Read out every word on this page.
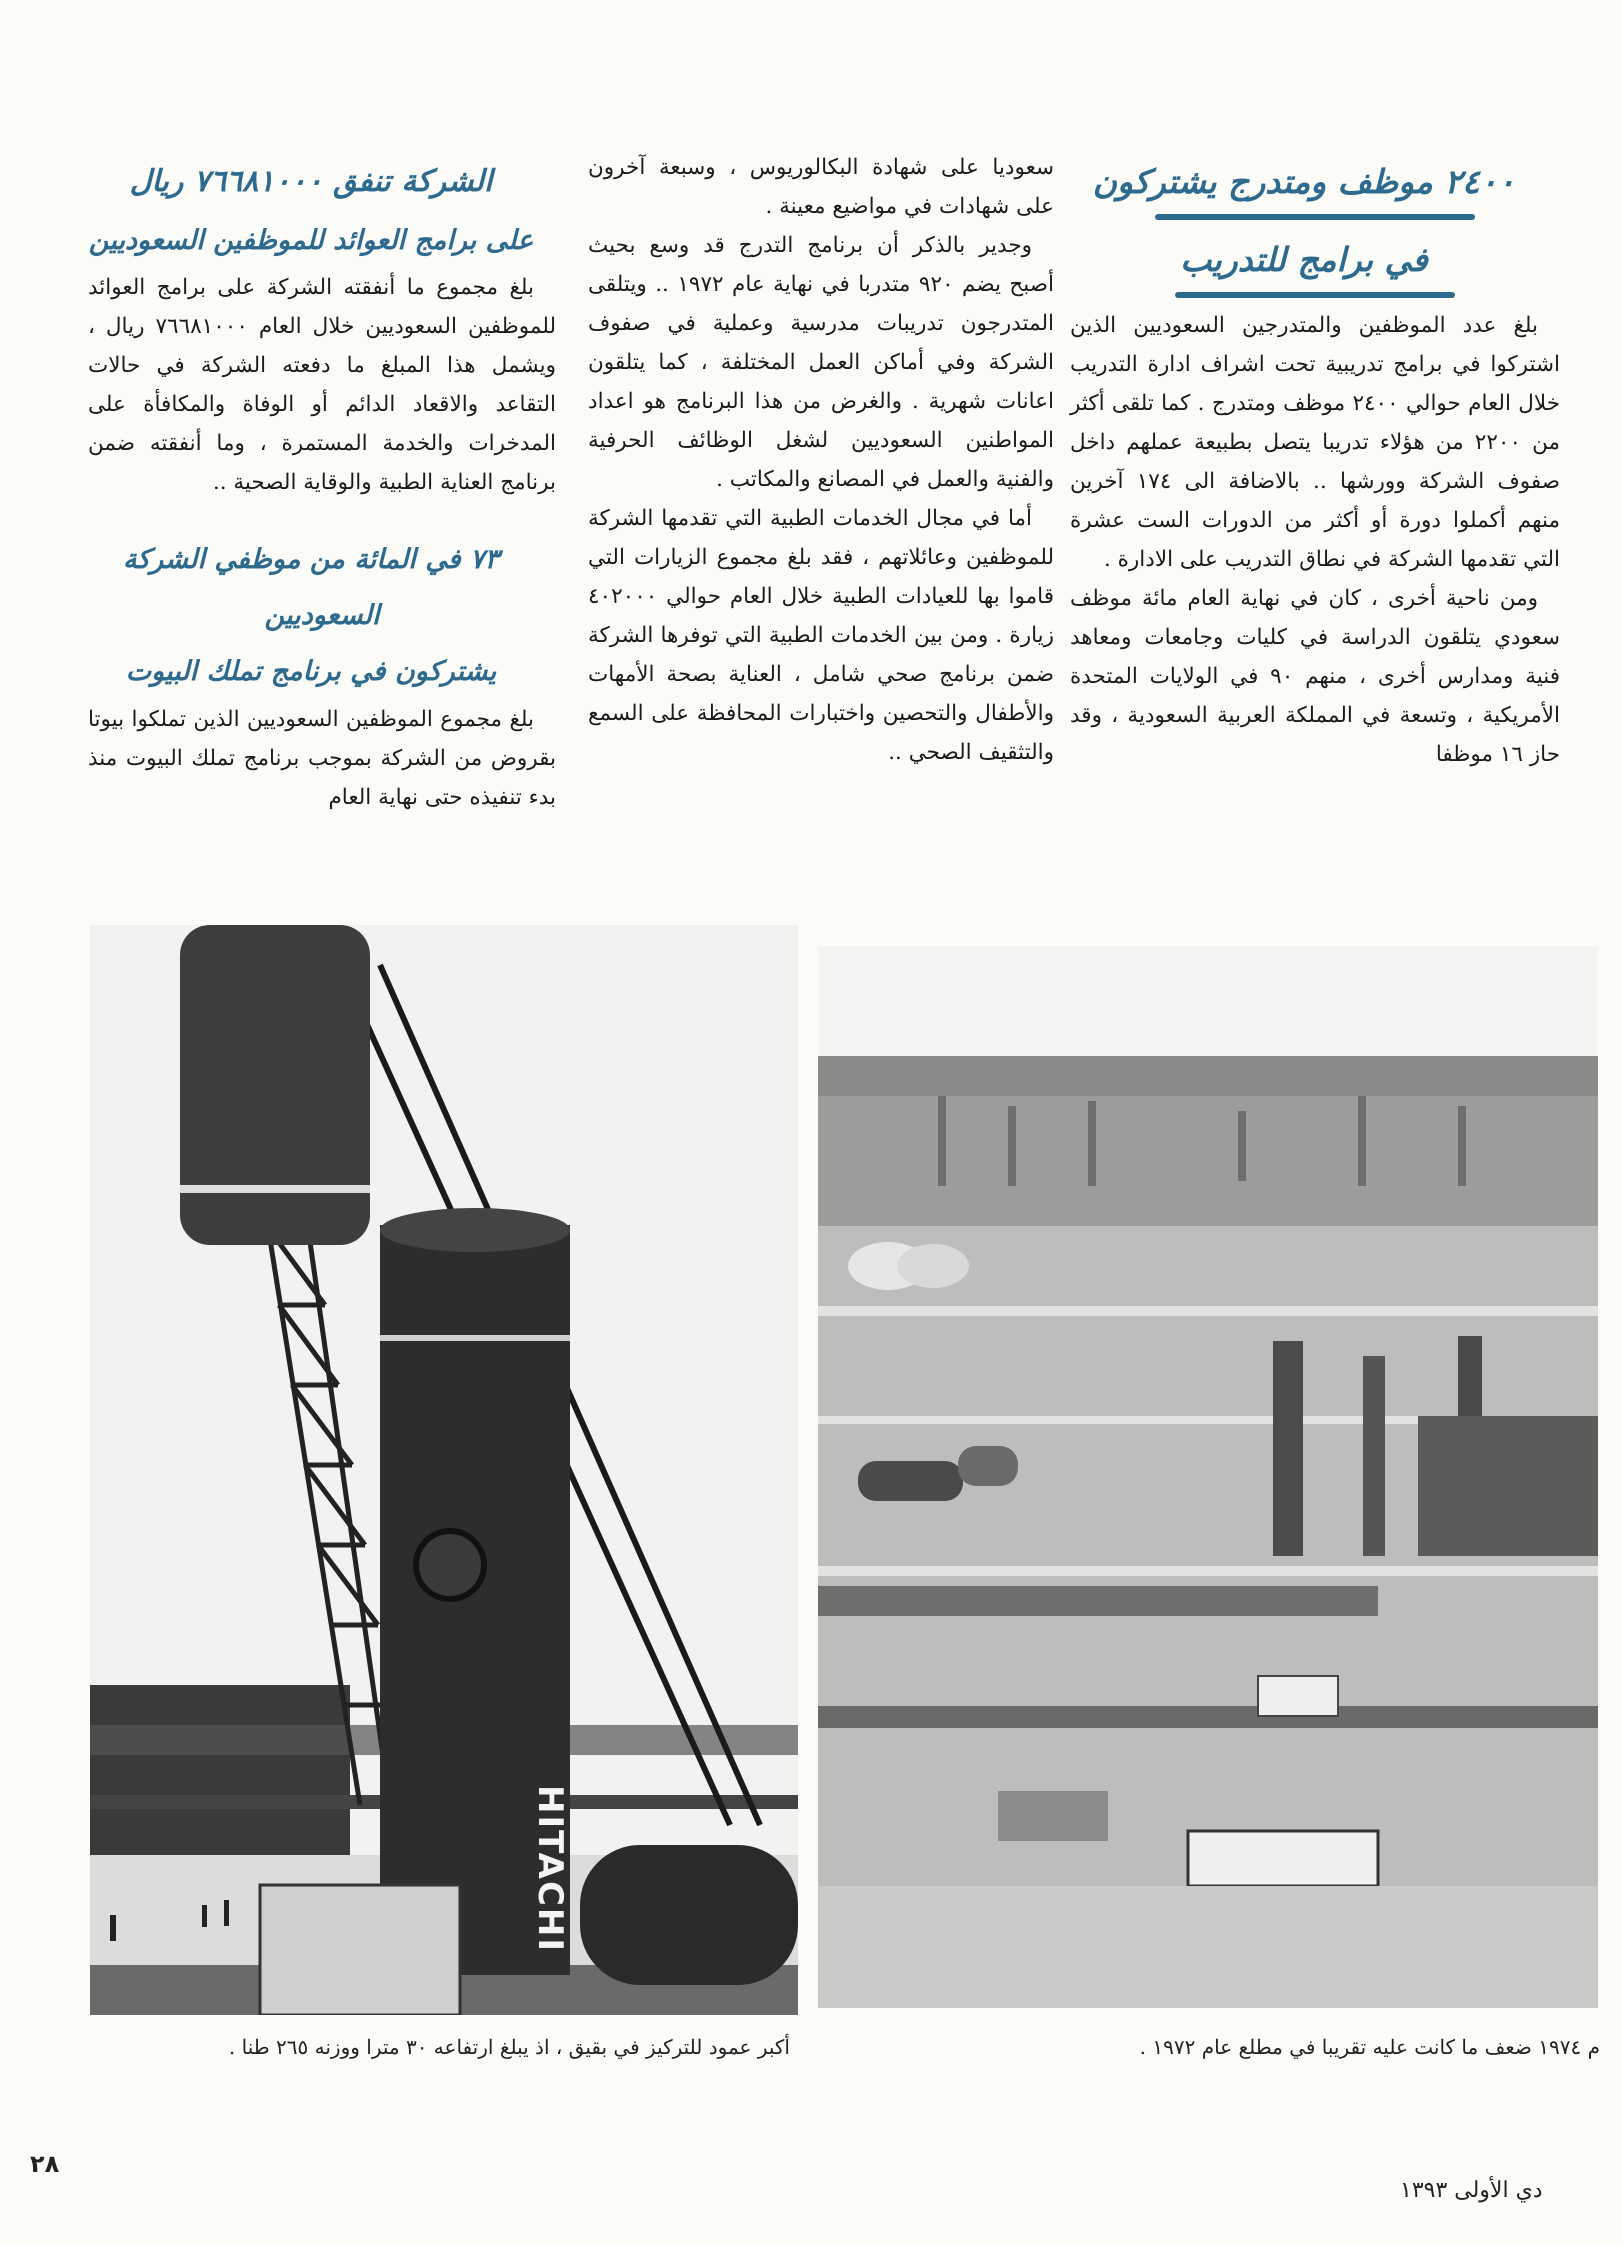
٢٤٠٠ موظف ومتدرج يشتركون

في برامج للتدريب

بلغ عدد الموظفين والمتدرجين السعوديين الذين اشتركوا في برامج تدريبية تحت اشراف ادارة التدريب خلال العام حوالي ٢٤٠٠ موظف ومتدرج . كما تلقى أكثر من ٢٢٠٠ من هؤلاء تدريبا يتصل بطبيعة عملهم داخل صفوف الشركة وورشها .. بالاضافة الى ١٧٤ آخرين منهم أكملوا دورة أو أكثر من الدورات الست عشرة التي تقدمها الشركة في نطاق التدريب على الادارة .

ومن ناحية أخرى ، كان في نهاية العام مائة موظف سعودي يتلقون الدراسة في كليات وجامعات ومعاهد فنية ومدارس أخرى ، منهم ٩٠ في الولايات المتحدة الأمريكية ، وتسعة في المملكة العربية السعودية ، وقد حاز ١٦ موظفا

سعوديا على شهادة البكالوريوس ، وسبعة آخرون على شهادات في مواضيع معينة .

وجدير بالذكر أن برنامج التدرج قد وسع بحيث أصبح يضم ٩٢٠ متدربا في نهاية عام ١٩٧٢ .. ويتلقى المتدرجون تدريبات مدرسية وعملية في صفوف الشركة وفي أماكن العمل المختلفة ، كما يتلقون اعانات شهرية . والغرض من هذا البرنامج هو اعداد المواطنين السعوديين لشغل الوظائف الحرفية والفنية والعمل في المصانع والمكاتب .

أما في مجال الخدمات الطبية التي تقدمها الشركة للموظفين وعائلاتهم ، فقد بلغ مجموع الزيارات التي قاموا بها للعيادات الطبية خلال العام حوالي ٤٠٢٠٠٠ زيارة . ومن بين الخدمات الطبية التي توفرها الشركة ضمن برنامج صحي شامل ، العناية بصحة الأمهات والأطفال والتحصين واختبارات المحافظة على السمع والتثقيف الصحي ..

الشركة تنفق ٧٦٦٨١٠٠٠ ريال

على برامج العوائد للموظفين السعوديين

بلغ مجموع ما أنفقته الشركة على برامج العوائد للموظفين السعوديين خلال العام ٧٦٦٨١٠٠٠ ريال ، ويشمل هذا المبلغ ما دفعته الشركة في حالات التقاعد والاقعاد الدائم أو الوفاة والمكافأة على المدخرات والخدمة المستمرة ، وما أنفقته ضمن برنامج العناية الطبية والوقاية الصحية ..

٧٣ في المائة من موظفي الشركة السعوديين

يشتركون في برنامج تملك البيوت

بلغ مجموع الموظفين السعوديين الذين تملكوا بيوتا بقروض من الشركة بموجب برنامج تملك البيوت منذ بدء تنفيذه حتى نهاية العام

HITACHI
أكبر عمود للتركيز في بقيق ، اذ يبلغ ارتفاعه ٣٠ مترا ووزنه ٢٦٥ طنا .	م ١٩٧٤ ضعف ما كانت عليه تقريبا في مطلع عام ١٩٧٢ .
٢٨
دي الأولى ١٣٩٣
